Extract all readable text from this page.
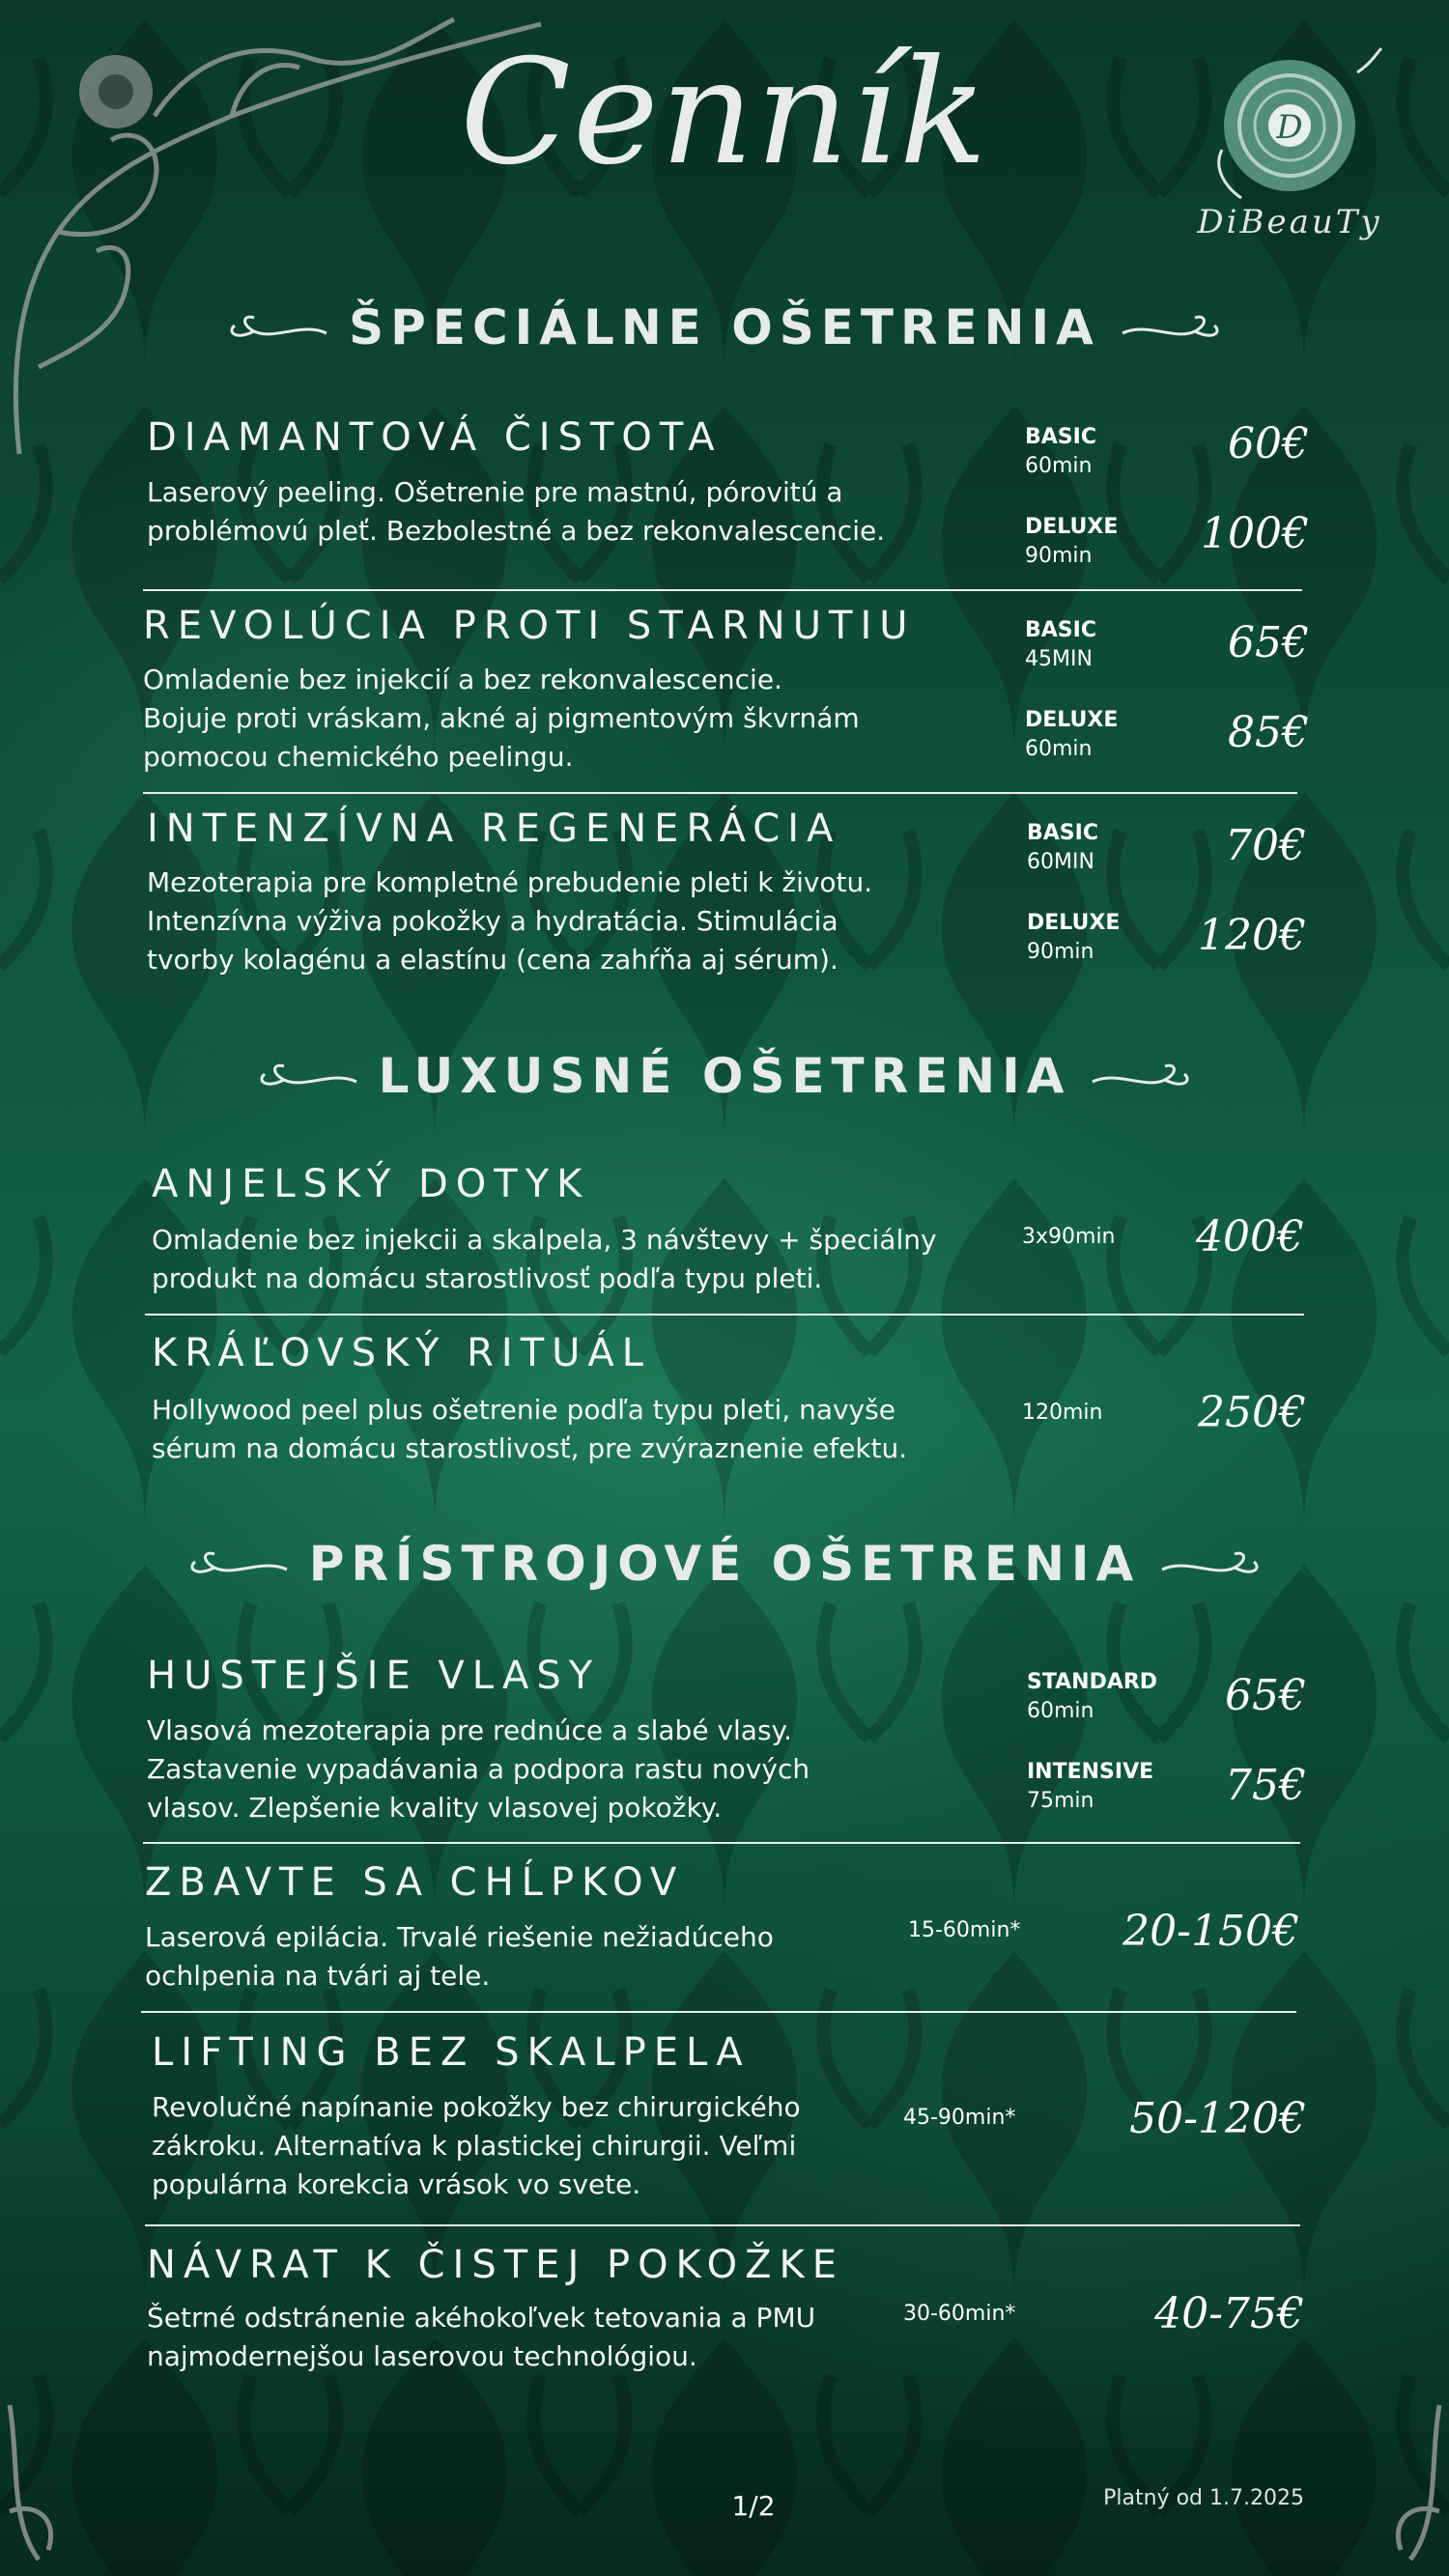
Cenník	D
DiBeauTy
ŠPECIÁLNE OŠETRENIA
DIAMANTOVÁ ČISTOTA
Laserový peeling. Ošetrenie pre mastnú, pórovitú a
problémovú pleť. Bezbolestné a bez rekonvalescencie.
BASIC
60min	60€
DELUXE
90min	100€
REVOLÚCIA PROTI STARNUTIU
Omladenie bez injekcií a bez rekonvalescencie.
Bojuje proti vráskam, akné aj pigmentovým škvrnám
pomocou chemického peelingu.
BASIC
45MIN	65€
DELUXE
60min	85€
INTENZÍVNA REGENERÁCIA
Mezoterapia pre kompletné prebudenie pleti k životu.
Intenzívna výživa pokožky a hydratácia. Stimulácia
tvorby kolagénu a elastínu (cena zahŕňa aj sérum).
BASIC
60MIN	70€
DELUXE
90min	120€
LUXUSNÉ OŠETRENIA
ANJELSKÝ DOTYK
Omladenie bez injekcii a skalpela, 3 návštevy + špeciálny
produkt na domácu starostlivosť podľa typu pleti.
3x90min	400€
KRÁĽOVSKÝ RITUÁL
Hollywood peel plus ošetrenie podľa typu pleti, navyše
sérum na domácu starostlivosť, pre zvýraznenie efektu.
120min	250€
PRÍSTROJOVÉ OŠETRENIA
HUSTEJŠIE VLASY
Vlasová mezoterapia pre rednúce a slabé vlasy.
Zastavenie vypadávania a podpora rastu nových
vlasov. Zlepšenie kvality vlasovej pokožky.
STANDARD
60min	65€
INTENSIVE
75min	75€
ZBAVTE SA CHĹPKOV
Laserová epilácia. Trvalé riešenie nežiadúceho
ochlpenia na tvári aj tele.
15-60min* 20-150€
LIFTING BEZ SKALPELA
Revolučné napínanie pokožky bez chirurgického
zákroku. Alternatíva k plastickej chirurgii. Veľmi
populárna korekcia vrások vo svete.
45-90min*	50-120€
NÁVRAT K ČISTEJ POKOŽKE
Šetrné odstránenie akéhokoľvek tetovania a PMU
najmodernejšou laserovou technológiou.
30-60min*	40-75€
1/2	Platný od 1.7.2025
